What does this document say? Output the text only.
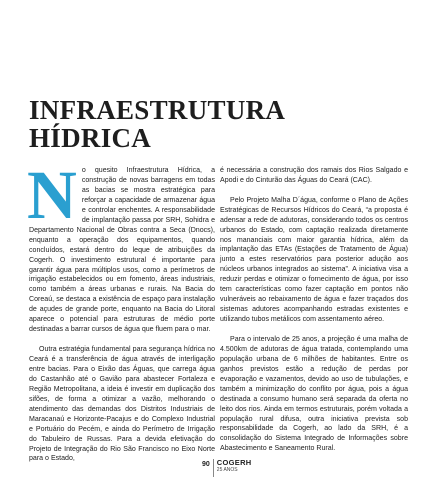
INFRAESTRUTURA HÍDRICA

No quesito Infraestrutura Hídrica, a construção de novas barragens em todas as bacias se mostra estratégica para reforçar a capacidade de armazenar água e controlar enchentes. A responsabilidade de implantação passa por SRH, Sohidra e Departamento Nacional de Obras contra a Seca (Dnocs), enquanto a operação dos equipamentos, quando concluídos, estará dentro do leque de atribuições da Cogerh. O investimento estrutural é importante para garantir água para múltiplos usos, como a perímetros de irrigação estabelecidos ou em fomento, áreas industriais, como também a áreas urbanas e rurais. Na Bacia do Coreaú, se destaca a existência de espaço para instalação de açudes de grande porte, enquanto na Bacia do Litoral aparece o potencial para estruturas de médio porte destinadas a barrar cursos de água que fluem para o mar.

Outra estratégia fundamental para segurança hídrica no Ceará é a transferência de água através de interligação entre bacias. Para o Eixão das Águas, que carrega água do Castanhão até o Gavião para abastecer Fortaleza e Região Metropolitana, a ideia é investir em duplicação dos sifões, de forma a otimizar a vazão, melhorando o atendimento das demandas dos Distritos Industriais de Maracanaú e Horizonte-Pacajus e do Complexo Industrial e Portuário do Pecém, e ainda do Perímetro de Irrigação do Tabuleiro de Russas. Para a devida efetivação do Projeto de Integração do Rio São Francisco no Eixo Norte para o Estado,

é necessária a construção dos ramais dos Rios Salgado e Apodi e do Cinturão das Águas do Ceará (CAC).

Pelo Projeto Malha D´água, conforme o Plano de Ações Estratégicas de Recursos Hídricos do Ceará, “a proposta é adensar a rede de adutoras, considerando todos os centros urbanos do Estado, com captação realizada diretamente nos mananciais com maior garantia hídrica, além da implantação das ETAs (Estações de Tratamento de Água) junto a estes reservatórios para posterior adução aos núcleos urbanos integrados ao sistema”. A iniciativa visa a reduzir perdas e otimizar o fornecimento de água, por isso tem características como fazer captação em pontos não vulneráveis ao rebaixamento de água e fazer traçados dos sistemas adutores acompanhando estradas existentes e utilizando tubos metálicos com assentamento aéreo.

Para o intervalo de 25 anos, a projeção é uma malha de 4.500km de adutoras de água tratada, contemplando uma população urbana de 6 milhões de habitantes. Entre os ganhos previstos estão a redução de perdas por evaporação e vazamentos, devido ao uso de tubulações, e também a minimização do conflito por água, pois a água destinada a consumo humano será separada da oferta no leito dos rios. Ainda em termos estruturais, porém voltada a população rural difusa, outra iniciativa prevista sob responsabilidade da Cogerh, ao lado da SRH, é a consolidação do Sistema Integrado de Informações sobre Abastecimento e Saneamento Rural.

90 COGERH
25 ANOS
